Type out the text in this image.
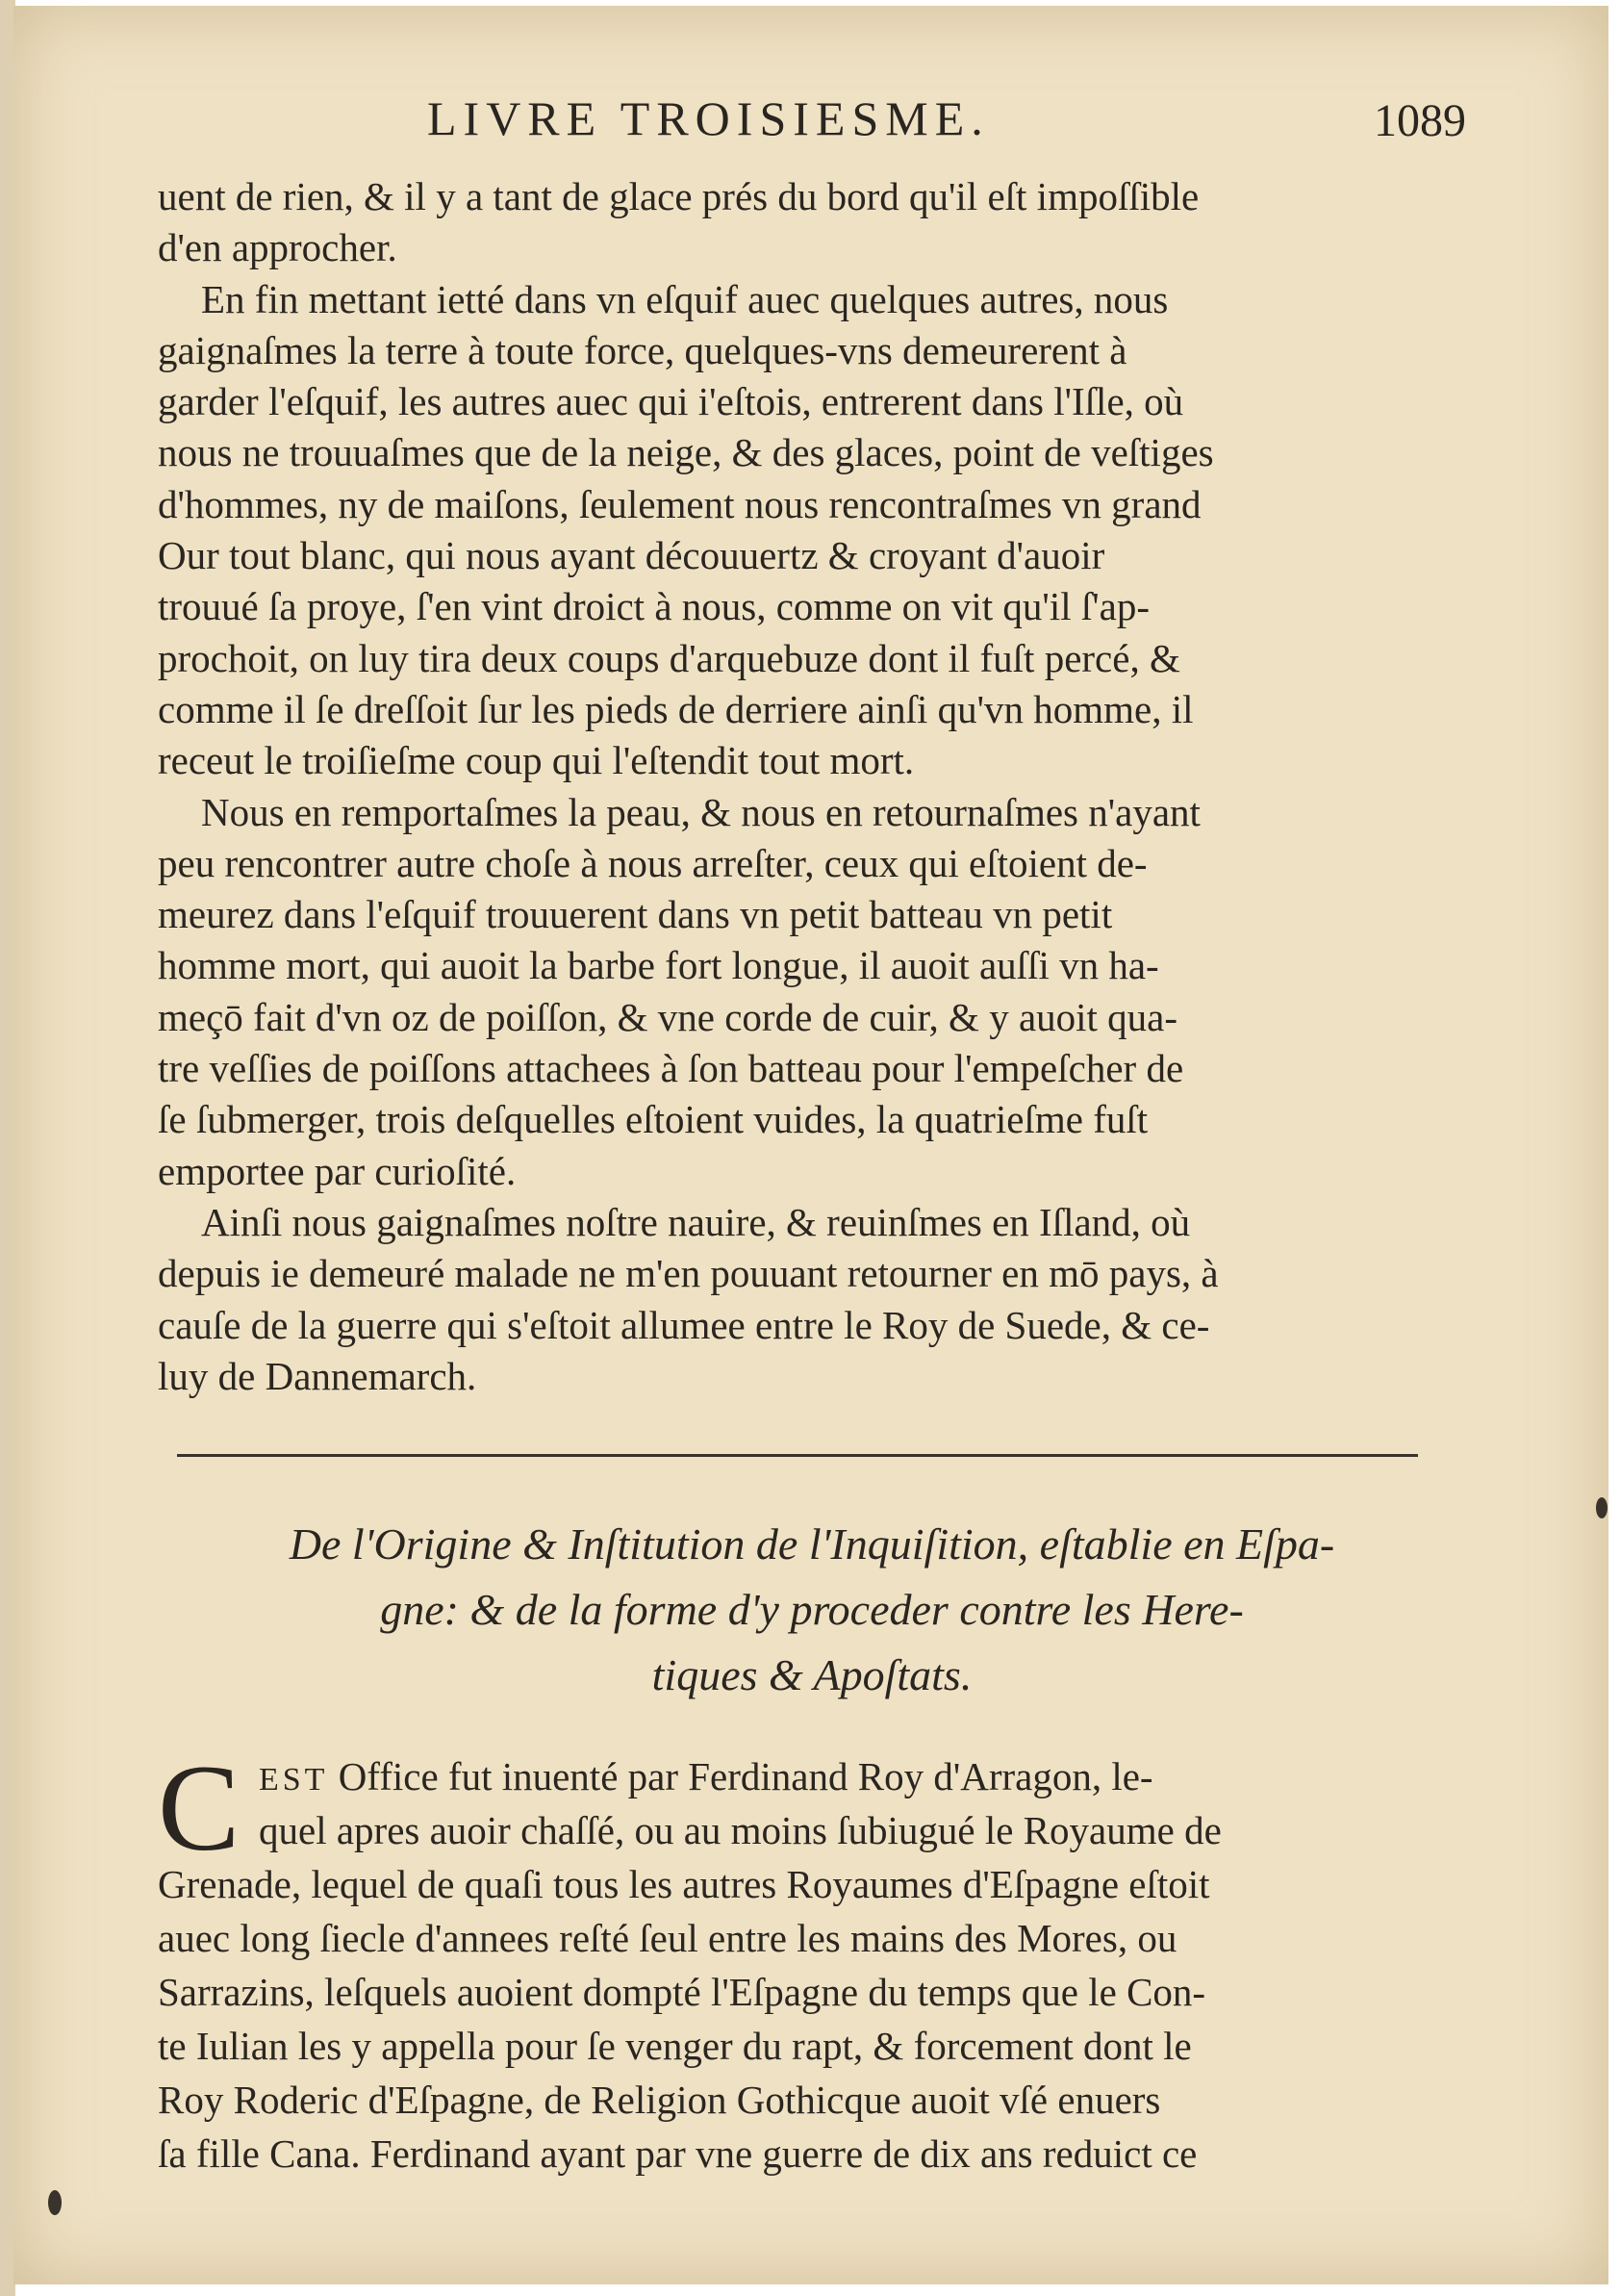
LIVRE TROISIESME.	1089
uent de rien, & il y a tant de glace prés du bord qu'il eſt impoſſible
d'en approcher.
En fin mettant ietté dans vn eſquif auec quelques autres, nous
gaignaſmes la terre à toute force, quelques-vns demeurerent à
garder l'eſquif, les autres auec qui i'eſtois, entrerent dans l'Iſle, où
nous ne trouuaſmes que de la neige, & des glaces, point de veſtiges
d'hommes, ny de maiſons, ſeulement nous rencontraſmes vn grand
Our tout blanc, qui nous ayant découuertz & croyant d'auoir
trouué ſa proye, ſ'en vint droict à nous, comme on vit qu'il ſ'ap-
prochoit, on luy tira deux coups d'arquebuze dont il fuſt percé, &
comme il ſe dreſſoit ſur les pieds de derriere ainſi qu'vn homme, il
receut le troiſieſme coup qui l'eſtendit tout mort.
Nous en remportaſmes la peau, & nous en retournaſmes n'ayant
peu rencontrer autre choſe à nous arreſter, ceux qui eſtoient de-
meurez dans l'eſquif trouuerent dans vn petit batteau vn petit
homme mort, qui auoit la barbe fort longue, il auoit auſſi vn ha-
meçō fait d'vn oz de poiſſon, & vne corde de cuir, & y auoit qua-
tre veſſies de poiſſons attachees à ſon batteau pour l'empeſcher de
ſe ſubmerger, trois deſquelles eſtoient vuides, la quatrieſme fuſt
emportee par curioſité.
Ainſi nous gaignaſmes noſtre nauire, & reuinſmes en Iſland, où
depuis ie demeuré malade ne m'en pouuant retourner en mō pays, à
cauſe de la guerre qui s'eſtoit allumee entre le Roy de Suede, & ce-
luy de Dannemarch.
De l'Origine & Inſtitution de l'Inquiſition, eſtablie en Eſpa-
gne: & de la forme d'y proceder contre les Here-
tiques & Apoſtats.
C EST Office fut inuenté par Ferdinand Roy d'Arragon, le-
quel apres auoir chaſſé, ou au moins ſubiugué le Royaume de
Grenade, lequel de quaſi tous les autres Royaumes d'Eſpagne eſtoit
auec long ſiecle d'annees reſté ſeul entre les mains des Mores, ou
Sarrazins, leſquels auoient dompté l'Eſpagne du temps que le Con-
te Iulian les y appella pour ſe venger du rapt, & forcement dont le
Roy Roderic d'Eſpagne, de Religion Gothicque auoit vſé enuers
ſa fille Cana. Ferdinand ayant par vne guerre de dix ans reduict ce
